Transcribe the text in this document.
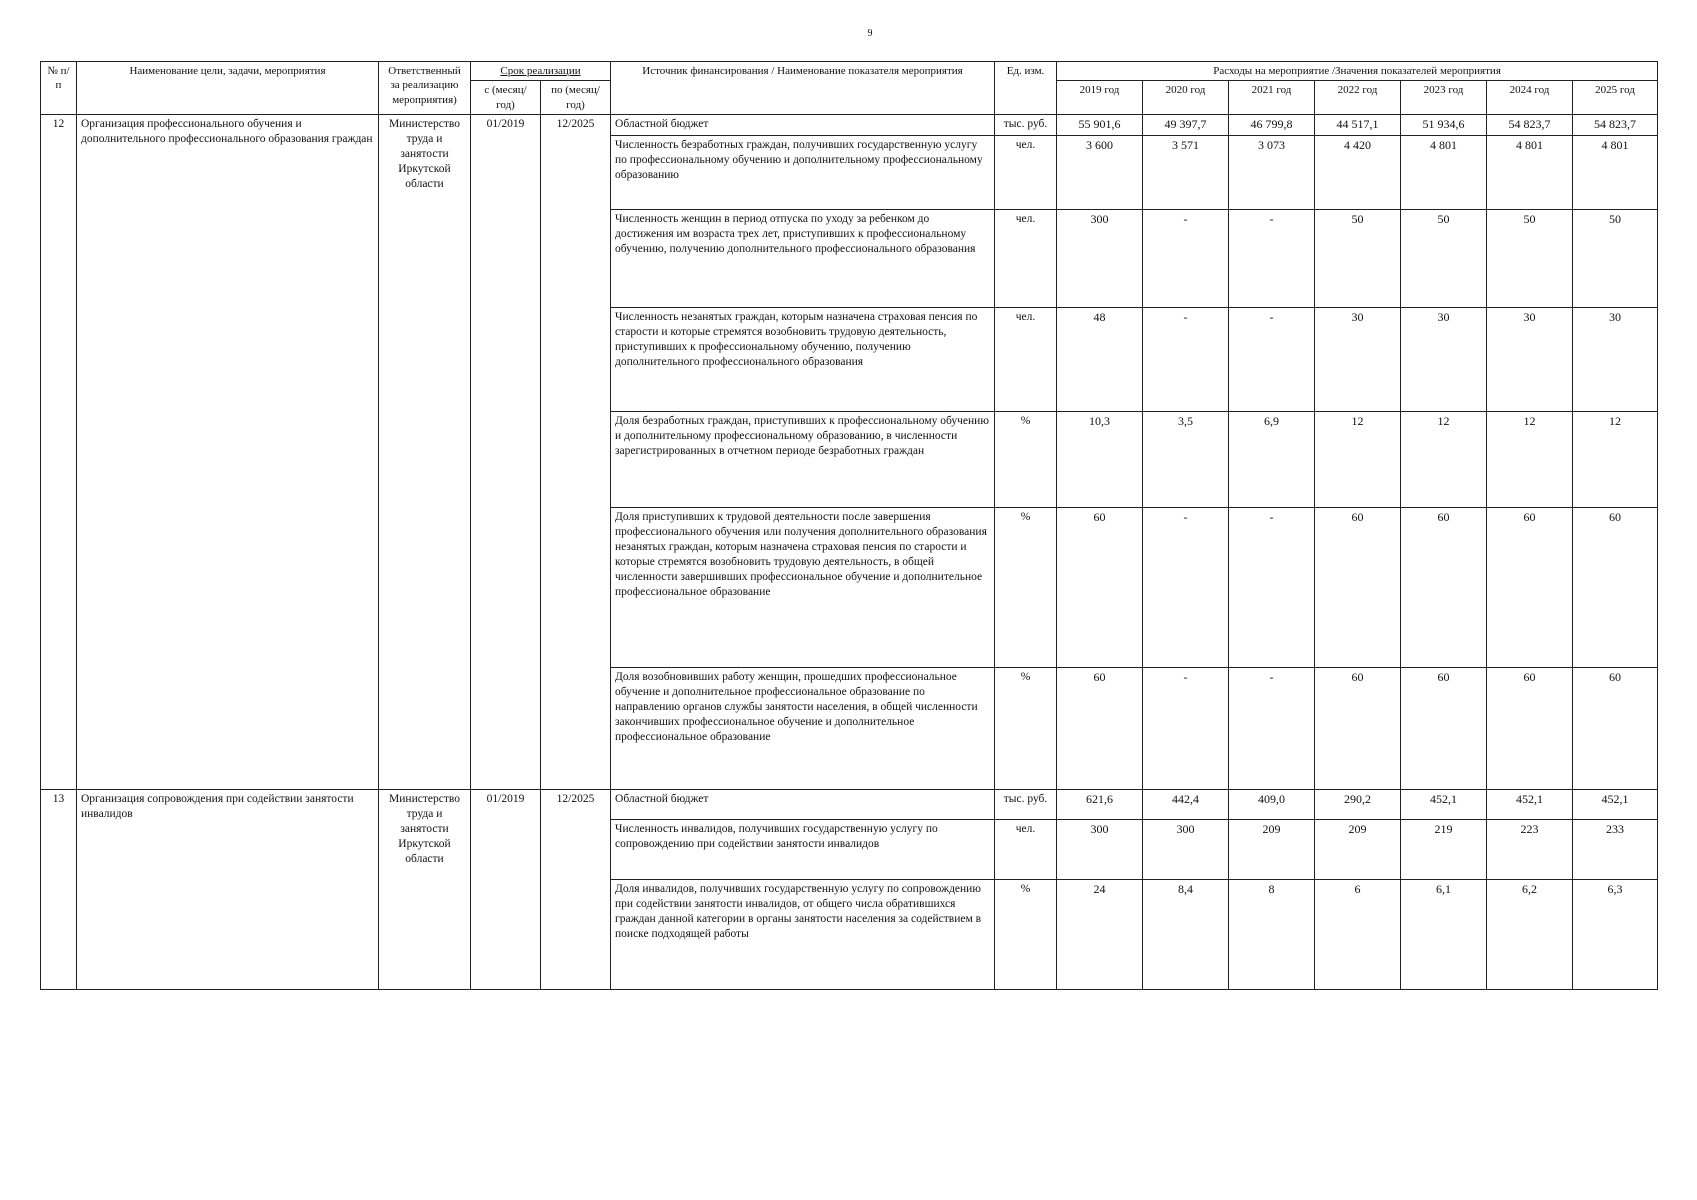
9
№ п/п	Наименование цели, задачи, мероприятия	Ответственный за реализацию мероприятия)	Срок реализации		Источник финансирования / Наименование показателя мероприятия	Ед. изм.	Расходы на мероприятие /Значения показателей мероприятия						
			с (месяц/ год)	по (месяц/ год)			2019 год	2020 год	2021 год	2022 год	2023 год	2024 год	2025 год
12	Организация профессионального обучения и дополнительного профессионального образования граждан	Министерство труда и занятости Иркутской области	01/2019	12/2025	Областной бюджет	тыс. руб.	55 901,6	49 397,7	46 799,8	44 517,1	51 934,6	54 823,7	54 823,7
					Численность безработных граждан, получивших государственную услугу по профессиональному обучению и дополнительному профессиональному образованию	чел.	3 600	3 571	3 073	4 420	4 801	4 801	4 801
					Численность женщин в период отпуска по уходу за ребенком до достижения им возраста трех лет, приступивших к профессиональному обучению, получению дополнительного профессионального образования	чел.	300	-	-	50	50	50	50
					Численность незанятых граждан, которым назначена страховая пенсия по старости и которые стремятся возобновить трудовую деятельность, приступивших к профессиональному обучению, получению дополнительного профессионального образования	чел.	48	-	-	30	30	30	30
					Доля безработных граждан, приступивших к профессиональному обучению и дополнительному профессиональному образованию, в численности зарегистрированных в отчетном периоде безработных граждан	%	10,3	3,5	6,9	12	12	12	12
					Доля приступивших к трудовой деятельности после завершения профессионального обучения или получения дополнительного образования незанятых граждан, которым назначена страховая пенсия по старости и которые стремятся возобновить трудовую деятельность, в общей численности завершивших профессиональное обучение и дополнительное профессиональное образование	%	60	-	-	60	60	60	60
					Доля возобновивших работу женщин, прошедших профессиональное обучение и дополнительное профессиональное образование по направлению органов службы занятости населения, в общей численности закончивших профессиональное обучение и дополнительное профессиональное образование	%	60	-	-	60	60	60	60
13	Организация сопровождения при содействии занятости инвалидов	Министерство труда и занятости Иркутской области	01/2019	12/2025	Областной бюджет	тыс. руб.	621,6	442,4	409,0	290,2	452,1	452,1	452,1
					Численность инвалидов, получивших государственную услугу по сопровождению при содействии занятости инвалидов	чел.	300	300	209	209	219	223	233
					Доля инвалидов, получивших государственную услугу по сопровождению при содействии занятости инвалидов, от общего числа обратившихся граждан данной категории в органы занятости населения за содействием в поиске подходящей работы	%	24	8,4	8	6	6,1	6,2	6,3
